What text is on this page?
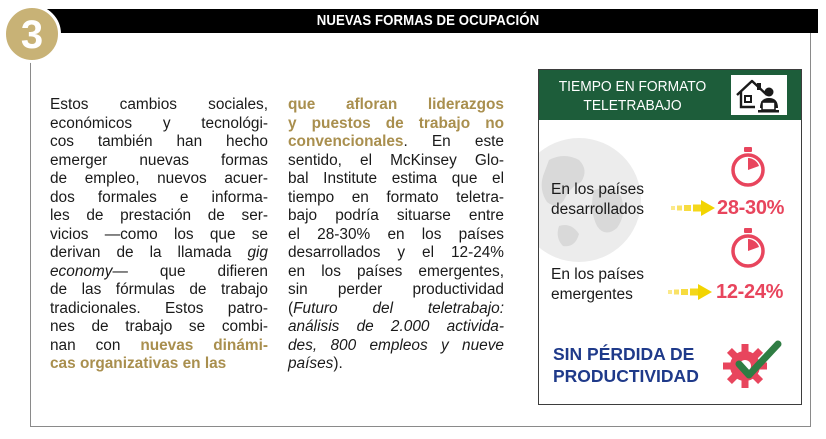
NUEVAS FORMAS DE OCUPACIÓN
3
Estos cambios sociales,
económicos y tecnológi-
cos también han hecho
emerger nuevas formas
de empleo, nuevos acuer-
dos formales e informa-
les de prestación de ser-
vicios —como los que se
derivan de la llamada gig
economy— que difieren
de las fórmulas de trabajo
tradicionales. Estos patro-
nes de trabajo se combi-
nan con nuevas dinámi-
cas organizativas en las
que afloran liderazgos
y puestos de trabajo no
convencionales. En este
sentido, el McKinsey Glo-
bal Institute estima que el
tiempo en formato teletra-
bajo podría situarse entre
el 28-30% en los países
desarrollados y el 12-24%
en los países emergentes,
sin perder productividad
(Futuro del teletrabajo:
análisis de 2.000 activida-
des, 800 empleos y nueve
países).
TIEMPO EN FORMATO
TELETRABAJO
En los países
desarrollados	28-30%
En los países
emergentes	12-24%
SIN PÉRDIDA DE
PRODUCTIVIDAD
